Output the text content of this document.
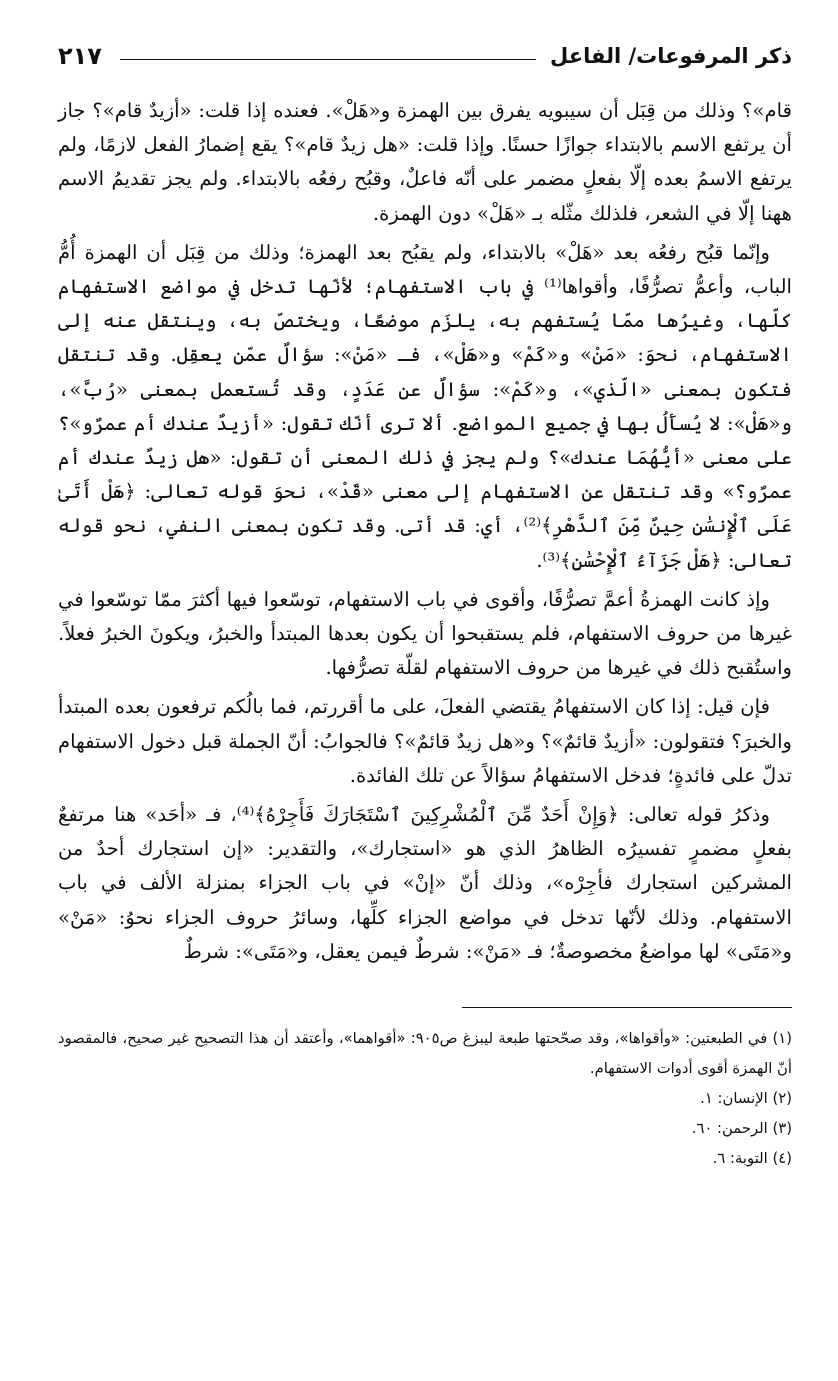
ذكر المرفوعات/ الفاعل
٢١٧

قام»؟ وذلك من قِبَل أن سيبويه يفرق بين الهمزة و«هَلْ». فعنده إذا قلت: «أزيدٌ قام»؟ جاز أن يرتفع الاسم بالابتداء جوازًا حسنًا. وإذا قلت: «هل زيدٌ قام»؟ يقع إضمارُ الفعل لازمًا، ولم يرتفع الاسمُ بعده إلّا بفعلٍ مضمر على أنّه فاعلٌ، وقبُح رفعُه بالابتداء. ولم يجز تقديمُ الاسم ههنا إلّا في الشعر، فلذلك مثّله بـ «هَلْ» دون الهمزة.

وإنّما قبُح رفعُه بعد «هَلْ» بالابتداء، ولم يقبُح بعد الهمزة؛ وذلك من قِبَل أن الهمزة أُمُّ الباب، وأعمُّ تصرُّفًا، وأقواها⁽¹⁾ في باب الاستفهام؛ لأنّها تدخل في مواضع الاستفهام كلّها، وغيرُها ممّا يُستفهم به، يلزَم موضعًا، ويختصّ به، وينتقل عنه إلى الاستفهام، نحوَ: «مَنْ» و«كَمْ» و«هَلْ»، فـ «مَنْ»: سؤالٌ عمّن يعقِل. وقد تنتقل فتكون بمعنى «الّذي»، و«كَمْ»: سؤالٌ عن عَدَدٍ، وقد تُستعمل بمعنى «رُبَّ»، و«هَلْ»: لا يُسأَلُ بها في جميع المواضع. ألا ترى أنّك تقول: «أزيدٌ عندك أم عمرٌو»؟ على معنى «أيُّهُمَا عندك»؟ ولم يجز في ذلك المعنى أن تقول: «هل زيدٌ عندك أم عمرٌو؟» وقد تنتقل عن الاستفهام إلى معنى «قَدْ»، نحوَ قوله تعالى: ﴿هَلْ أَتَىٰ عَلَى ٱلْإِنسَٰنِ حِينٌ مِّنَ ٱلدَّهْرِ﴾⁽²⁾، أي: قد أتى. وقد تكون بمعنى النفي، نحو قوله تعالى: ﴿هَلْ جَزَآءُ ٱلْإِحْسَٰنِ﴾⁽³⁾.

وإذ كانت الهمزةُ أعمَّ تصرُّفًا، وأقوى في باب الاستفهام، توسّعوا فيها أكثرَ ممّا توسّعوا في غيرها من حروف الاستفهام، فلم يستقبحوا أن يكون بعدها المبتدأ والخبرُ، ويكونَ الخبرُ فعلاً. واستُقبح ذلك في غيرها من حروف الاستفهام لقلّة تصرُّفها.

فإن قيل: إذا كان الاستفهامُ يقتضي الفعلَ، على ما أقررتم، فما بالُكم ترفعون بعده المبتدأ والخبرَ؟ فتقولون: «أزيدٌ قائمٌ»؟ و«هل زيدٌ قائمٌ»؟ فالجوابُ: أنّ الجملة قبل دخول الاستفهام تدلّ على فائدةٍ؛ فدخل الاستفهامُ سؤالاً عن تلك الفائدة.

وذكرُ قوله تعالى: ﴿وَإِنْ أَحَدٌ مِّنَ ٱلْمُشْرِكِينَ ٱسْتَجَارَكَ فَأَجِرْهُ﴾⁽⁴⁾، فـ «أحَد» هنا مرتفعٌ بفعلٍ مضمرٍ تفسيرُه الظاهرُ الذي هو «استجارك»، والتقدير: «إن استجارك أحدٌ من المشركين استجارك فأجِرْه»، وذلك أنّ «إنْ» في باب الجزاء بمنزلة الألف في باب الاستفهام. وذلك لأنّها تدخل في مواضع الجزاء كلِّها، وسائرُ حروف الجزاء نحوُ: «مَنْ» و«مَتَى» لها مواضعُ مخصوصةٌ؛ فـ «مَنْ»: شرطٌ فيمن يعقل، و«مَتَى»: شرطٌ

(١) في الطبعتين: «وأقواها»، وقد صحّحتها طبعة ليبزغ ص٩٠٥: «أقواهما»، وأعتقد أن هذا التصحيح غير صحيح، فالمقصود أنّ الهمزة أقوى أدوات الاستفهام.

(٢) الإنسان: ١.

(٣) الرحمن: ٦٠.

(٤) التوبة: ٦.
